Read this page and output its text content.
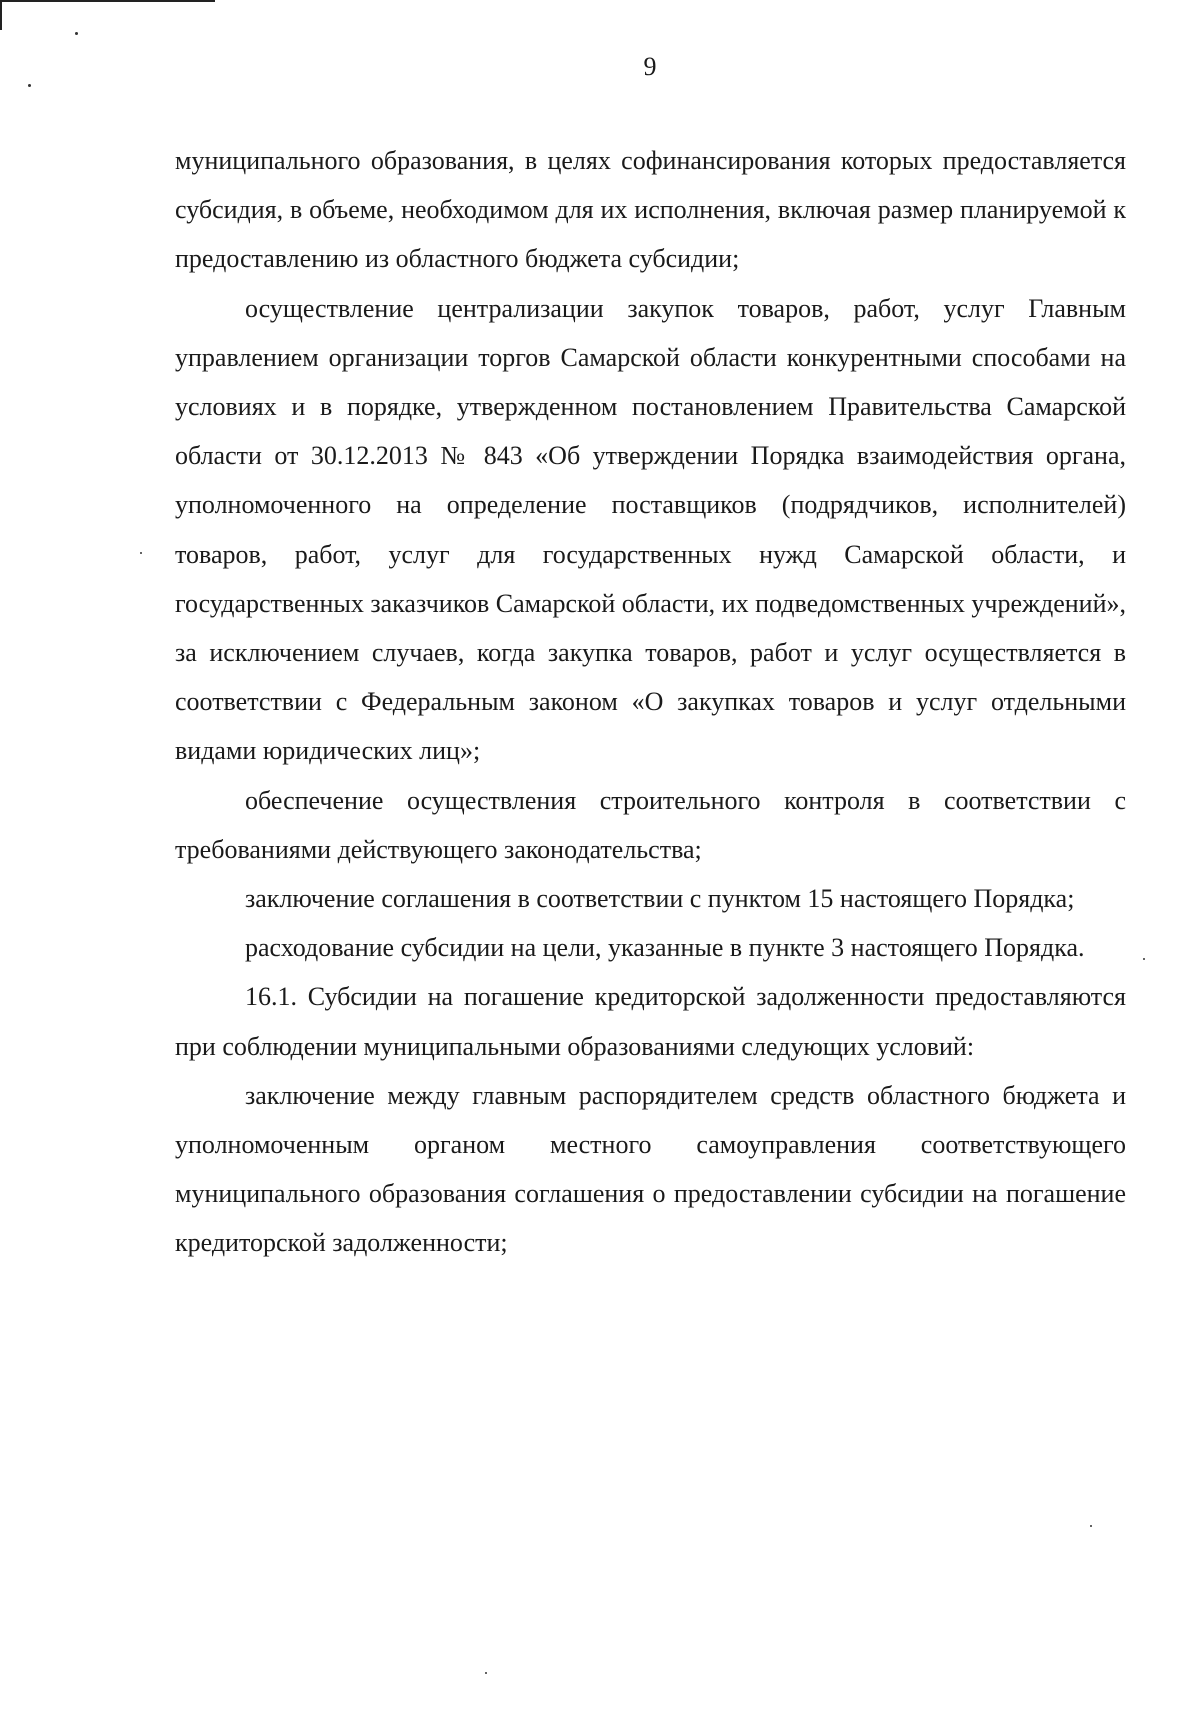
9

муниципального образования, в целях софинансирования которых предоставляется субсидия, в объеме, необходимом для их исполнения, включая размер планируемой к предоставлению из областного бюджета субсидии;

осуществление централизации закупок товаров, работ, услуг Главным управлением организации торгов Самарской области конкурентными способами на условиях и в порядке, утвержденном постановлением Правительства Самарской области от 30.12.2013 № 843 «Об утверждении Порядка взаимодействия органа, уполномоченного на определение поставщиков (подрядчиков, исполнителей) товаров, работ, услуг для государственных нужд Самарской области, и государственных заказчиков Самарской области, их подведомственных учреждений», за исключением случаев, когда закупка товаров, работ и услуг осуществляется в соответствии с Федеральным законом «О закупках товаров и услуг отдельными видами юридических лиц»;

обеспечение осуществления строительного контроля в соответствии с требованиями действующего законодательства;

заключение соглашения в соответствии с пунктом 15 настоящего Порядка;

расходование субсидии на цели, указанные в пункте 3 настоящего Порядка.

16.1. Субсидии на погашение кредиторской задолженности предоставляются при соблюдении муниципальными образованиями следующих условий:

заключение между главным распорядителем средств областного бюджета и уполномоченным органом местного самоуправления соответствующего муниципального образования соглашения о предоставлении субсидии на погашение кредиторской задолженности;
